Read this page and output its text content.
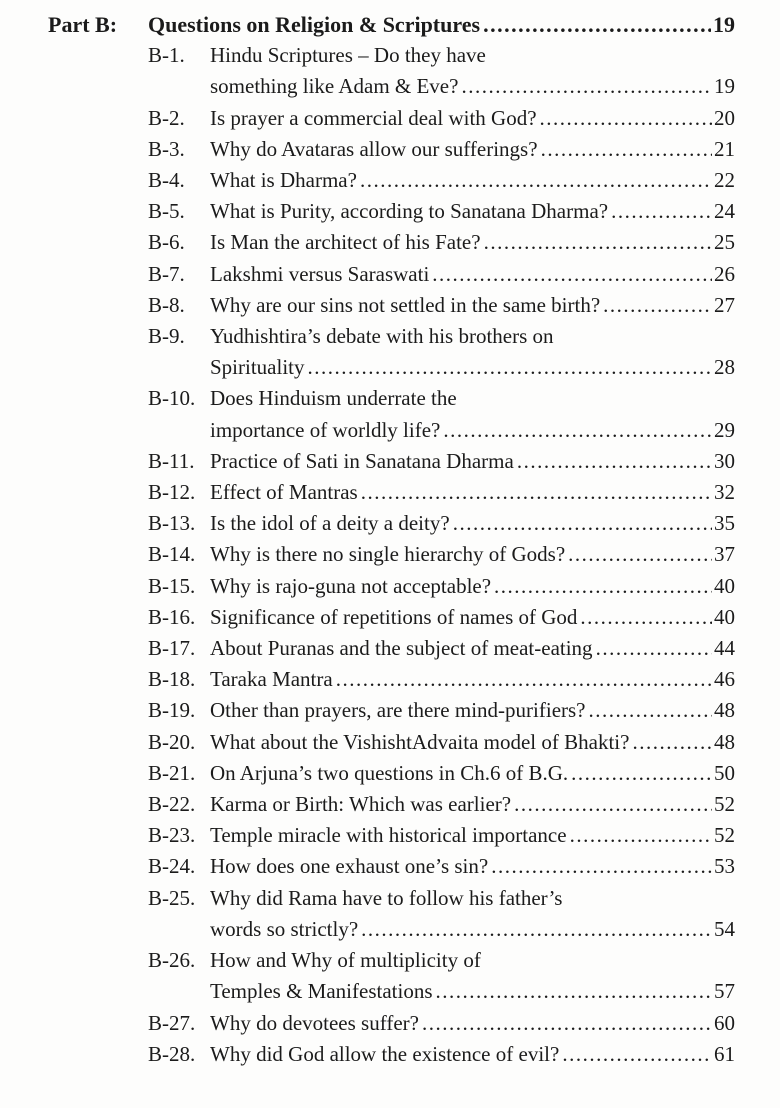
Part B:	Questions on Religion & Scriptures .....	19
B-1.	Hindu Scriptures – Do they have
something like Adam & Eve? .....	19
B-2.	Is prayer a commercial deal with God? .....	20
B-3.	Why do Avataras allow our sufferings? .....	21
B-4.	What is Dharma? .....	22
B-5.	What is Purity, according to Sanatana Dharma? .....	24
B-6.	Is Man the architect of his Fate? .....	25
B-7.	Lakshmi versus Saraswati .....	26
B-8.	Why are our sins not settled in the same birth? .....	27
B-9.	Yudhishtira’s debate with his brothers on
Spirituality .....	28
B-10. Does Hinduism underrate the
importance of worldly life? .....	29
B-11. Practice of Sati in Sanatana Dharma .....	30
B-12. Effect of Mantras .....	32
B-13. Is the idol of a deity a deity? .....	35
B-14. Why is there no single hierarchy of Gods? .....	37
B-15. Why is rajo-guna not acceptable? .....	40
B-16. Significance of repetitions of names of God .....	40
B-17. About Puranas and the subject of meat-eating .....	44
B-18. Taraka Mantra .....	46
B-19. Other than prayers, are there mind-purifiers? .....	48
B-20. What about the VishishtAdvaita model of Bhakti? .....	48
B-21. On Arjuna’s two questions in Ch.6 of B.G. .....	50
B-22. Karma or Birth: Which was earlier? .....	52
B-23. Temple miracle with historical importance .....	52
B-24. How does one exhaust one’s sin? .....	53
B-25. Why did Rama have to follow his father’s
words so strictly? .....	54
B-26. How and Why of multiplicity of
Temples & Manifestations .....	57
B-27. Why do devotees suffer? .....	60
B-28. Why did God allow the existence of evil? .....	61
